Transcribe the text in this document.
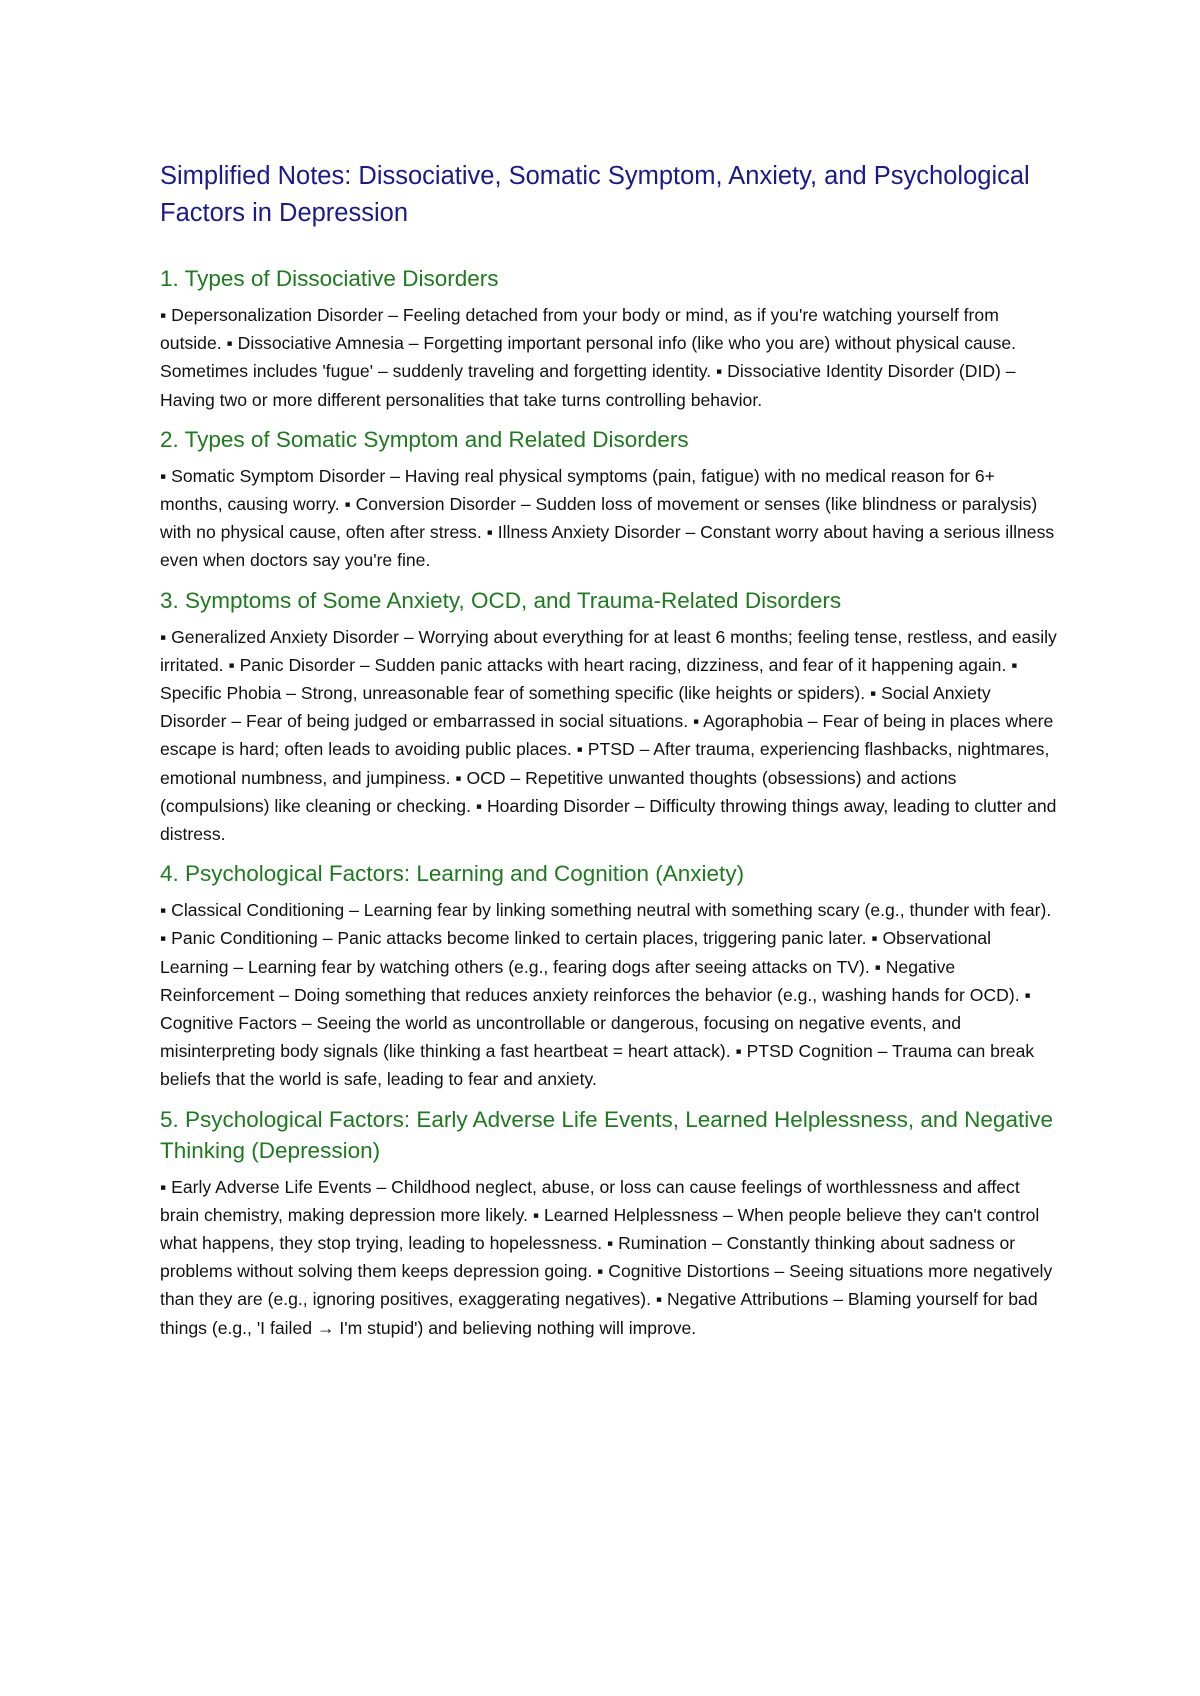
Simplified Notes: Dissociative, Somatic Symptom, Anxiety, and Psychological Factors in Depression
1. Types of Dissociative Disorders

▪ Depersonalization Disorder – Feeling detached from your body or mind, as if you're watching yourself from outside. ▪ Dissociative Amnesia – Forgetting important personal info (like who you are) without physical cause. Sometimes includes 'fugue' – suddenly traveling and forgetting identity. ▪ Dissociative Identity Disorder (DID) – Having two or more different personalities that take turns controlling behavior.

2. Types of Somatic Symptom and Related Disorders

▪ Somatic Symptom Disorder – Having real physical symptoms (pain, fatigue) with no medical reason for 6+ months, causing worry. ▪ Conversion Disorder – Sudden loss of movement or senses (like blindness or paralysis) with no physical cause, often after stress. ▪ Illness Anxiety Disorder – Constant worry about having a serious illness even when doctors say you're fine.

3. Symptoms of Some Anxiety, OCD, and Trauma-Related Disorders

▪ Generalized Anxiety Disorder – Worrying about everything for at least 6 months; feeling tense, restless, and easily irritated. ▪ Panic Disorder – Sudden panic attacks with heart racing, dizziness, and fear of it happening again. ▪ Specific Phobia – Strong, unreasonable fear of something specific (like heights or spiders). ▪ Social Anxiety Disorder – Fear of being judged or embarrassed in social situations. ▪ Agoraphobia – Fear of being in places where escape is hard; often leads to avoiding public places. ▪ PTSD – After trauma, experiencing flashbacks, nightmares, emotional numbness, and jumpiness. ▪ OCD – Repetitive unwanted thoughts (obsessions) and actions (compulsions) like cleaning or checking. ▪ Hoarding Disorder – Difficulty throwing things away, leading to clutter and distress.

4. Psychological Factors: Learning and Cognition (Anxiety)

▪ Classical Conditioning – Learning fear by linking something neutral with something scary (e.g., thunder with fear). ▪ Panic Conditioning – Panic attacks become linked to certain places, triggering panic later. ▪ Observational Learning – Learning fear by watching others (e.g., fearing dogs after seeing attacks on TV). ▪ Negative Reinforcement – Doing something that reduces anxiety reinforces the behavior (e.g., washing hands for OCD). ▪ Cognitive Factors – Seeing the world as uncontrollable or dangerous, focusing on negative events, and misinterpreting body signals (like thinking a fast heartbeat = heart attack). ▪ PTSD Cognition – Trauma can break beliefs that the world is safe, leading to fear and anxiety.

5. Psychological Factors: Early Adverse Life Events, Learned Helplessness, and Negative Thinking (Depression)

▪ Early Adverse Life Events – Childhood neglect, abuse, or loss can cause feelings of worthlessness and affect brain chemistry, making depression more likely. ▪ Learned Helplessness – When people believe they can't control what happens, they stop trying, leading to hopelessness. ▪ Rumination – Constantly thinking about sadness or problems without solving them keeps depression going. ▪ Cognitive Distortions – Seeing situations more negatively than they are (e.g., ignoring positives, exaggerating negatives). ▪ Negative Attributions – Blaming yourself for bad things (e.g., 'I failed → I'm stupid') and believing nothing will improve.
